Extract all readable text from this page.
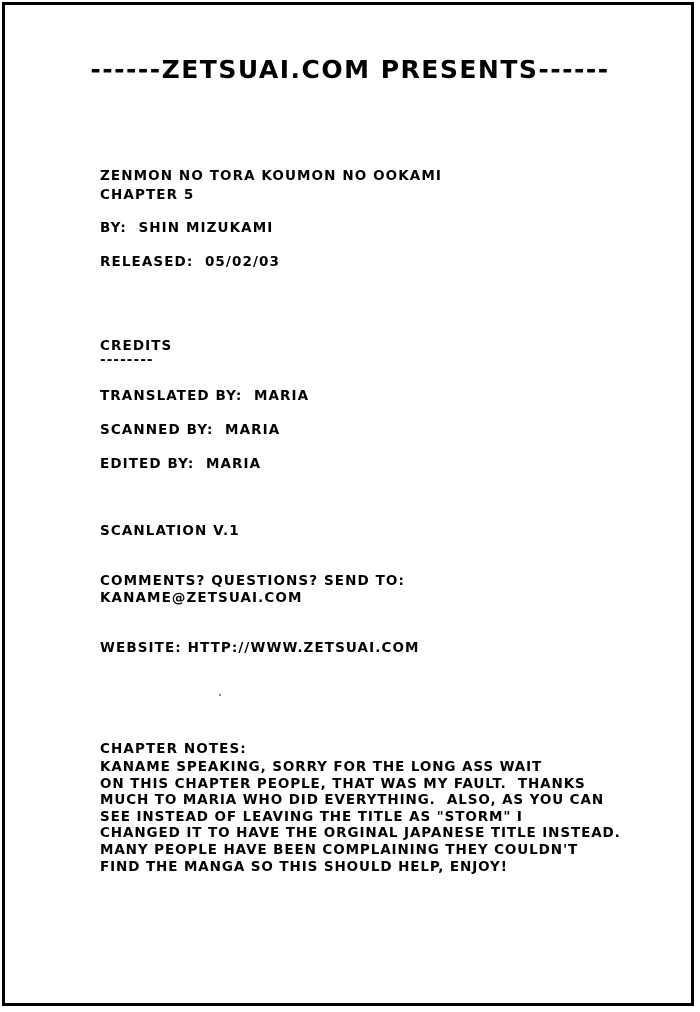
------ZETSUAI.COM PRESENTS------
ZENMON NO TORA KOUMON NO OOKAMI
CHAPTER 5
BY:  SHIN MIZUKAMI
RELEASED:  05/02/03
CREDITS
--------
TRANSLATED BY:  MARIA
SCANNED BY:  MARIA
EDITED BY:  MARIA
SCANLATION V.1
COMMENTS? QUESTIONS? SEND TO:
KANAME@ZETSUAI.COM
WEBSITE: HTTP://WWW.ZETSUAI.COM
CHAPTER NOTES:
KANAME SPEAKING, SORRY FOR THE LONG ASS WAIT
ON THIS CHAPTER PEOPLE, THAT WAS MY FAULT.  THANKS
MUCH TO MARIA WHO DID EVERYTHING.  ALSO, AS YOU CAN
SEE INSTEAD OF LEAVING THE TITLE AS "STORM" I
CHANGED IT TO HAVE THE ORGINAL JAPANESE TITLE INSTEAD.
MANY PEOPLE HAVE BEEN COMPLAINING THEY COULDN'T
FIND THE MANGA SO THIS SHOULD HELP, ENJOY!
